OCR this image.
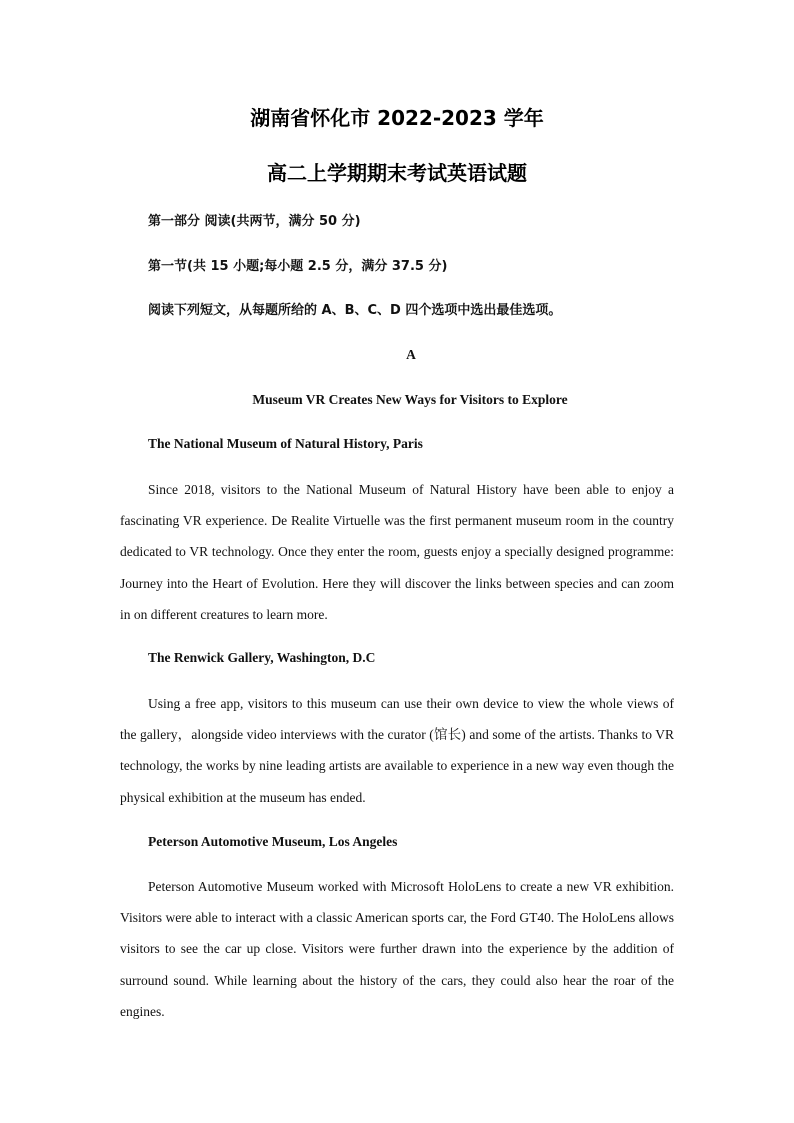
湖南省怀化市 2022-2023 学年
高二上学期期末考试英语试题

第一部分 阅读(共两节，满分 50 分)

第一节(共 15 小题;每小题 2.5 分，满分 37.5 分)

阅读下列短文，从每题所给的 A、B、C、D 四个选项中选出最佳选项。

A

Museum VR Creates New Ways for Visitors to Explore

The National Museum of Natural History, Paris

Since 2018, visitors to the National Museum of Natural History have been able to enjoy a fascinating VR experience. De Realite Virtuelle was the first permanent museum room in the country dedicated to VR technology. Once they enter the room, guests enjoy a specially designed programme: Journey into the Heart of Evolution. Here they will discover the links between species and can zoom in on different creatures to learn more.

The Renwick Gallery, Washington, D.C

Using a free app, visitors to this museum can use their own device to view the whole views of the gallery，alongside video interviews with the curator (馆长) and some of the artists. Thanks to VR technology, the works by nine leading artists are available to experience in a new way even though the physical exhibition at the museum has ended.

Peterson Automotive Museum, Los Angeles

Peterson Automotive Museum worked with Microsoft HoloLens to create a new VR exhibition. Visitors were able to interact with a classic American sports car, the Ford GT40. The HoloLens allows visitors to see the car up close. Visitors were further drawn into the experience by the addition of surround sound. While learning about the history of the cars, they could also hear the roar of the engines.
